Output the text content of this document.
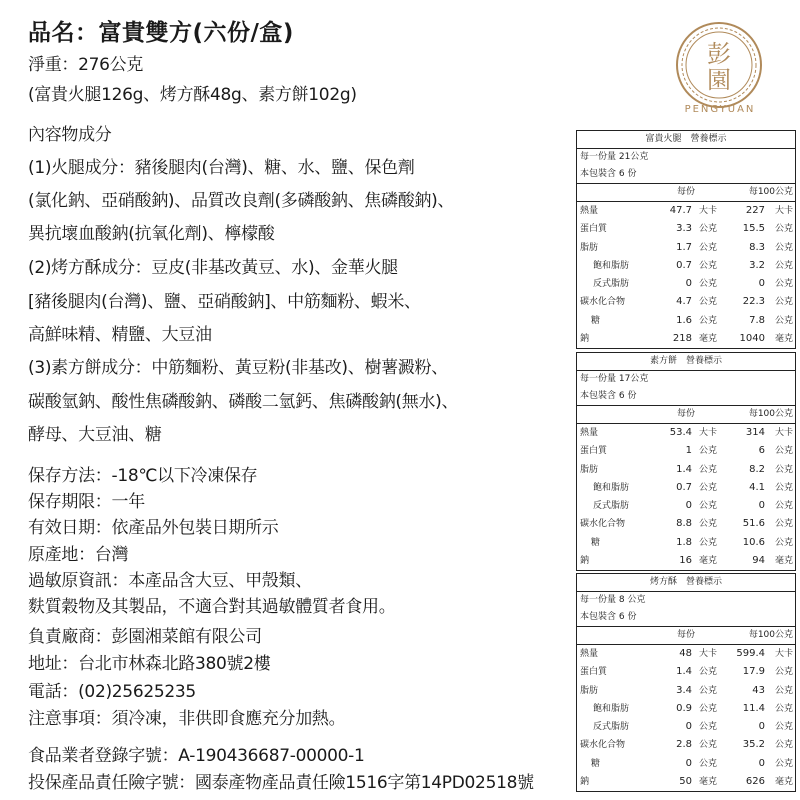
品名：富貴雙方(六份/盒)
淨重：276公克
(富貴火腿126g、烤方酥48g、素方餅102g)
內容物成分
(1)火腿成分：豬後腿肉(台灣)、糖、水、鹽、保色劑
(氯化鈉、亞硝酸鈉)、品質改良劑(多磷酸鈉、焦磷酸鈉)、
異抗壞血酸鈉(抗氧化劑)、檸檬酸
(2)烤方酥成分：豆皮(非基改黃豆、水)、金華火腿
[豬後腿肉(台灣)、鹽、亞硝酸鈉]、中筋麵粉、蝦米、
高鮮味精、精鹽、大豆油
(3)素方餅成分：中筋麵粉、黃豆粉(非基改)、樹薯澱粉、
碳酸氫鈉、酸性焦磷酸鈉、磷酸二氫鈣、焦磷酸鈉(無水)、
酵母、大豆油、糖
保存方法：-18℃以下冷凍保存
保存期限：一年
有效日期：依產品外包裝日期所示
原產地：台灣
過敏原資訊：本產品含大豆、甲殼類、
麩質穀物及其製品，不適合對其過敏體質者食用。
負責廠商：彭園湘菜館有限公司
地址：台北市林森北路380號2樓
電話：(02)25625235
注意事項：須冷凍，非供即食應充分加熱。
食品業者登錄字號：A-190436687-00000-1
投保產品責任險字號：國泰產物產品責任險1516字第14PD02518號
彭
園
PENGYUAN
富貴火腿　營養標示
每一份量 21公克
本包裝含 6 份
每份	每100公克
熱量	47.7 大卡	227 大卡
蛋白質	3.3 公克	15.5 公克
脂肪	1.7 公克	8.3 公克
飽和脂肪	0.7 公克	3.2 公克
反式脂肪	0 公克	0 公克
碳水化合物	4.7 公克	22.3 公克
糖	1.6 公克	7.8 公克
鈉	218 毫克 1040 毫克
素方餅　營養標示
每一份量 17公克
本包裝含 6 份
每份	每100公克
熱量	53.4 大卡	314 大卡
蛋白質	1 公克	6 公克
脂肪	1.4 公克	8.2 公克
飽和脂肪	0.7 公克	4.1 公克
反式脂肪	0 公克	0 公克
碳水化合物	8.8 公克	51.6 公克
糖	1.8 公克	10.6 公克
鈉	16 毫克	94 毫克
烤方酥　營養標示
每一份量 8 公克
本包裝含 6 份
每份	每100公克
熱量	48 大卡 599.4 大卡
蛋白質	1.4 公克	17.9 公克
脂肪	3.4 公克	43 公克
飽和脂肪	0.9 公克	11.4 公克
反式脂肪	0 公克	0 公克
碳水化合物	2.8 公克	35.2 公克
糖	0 公克	0 公克
鈉	50 毫克	626 毫克
